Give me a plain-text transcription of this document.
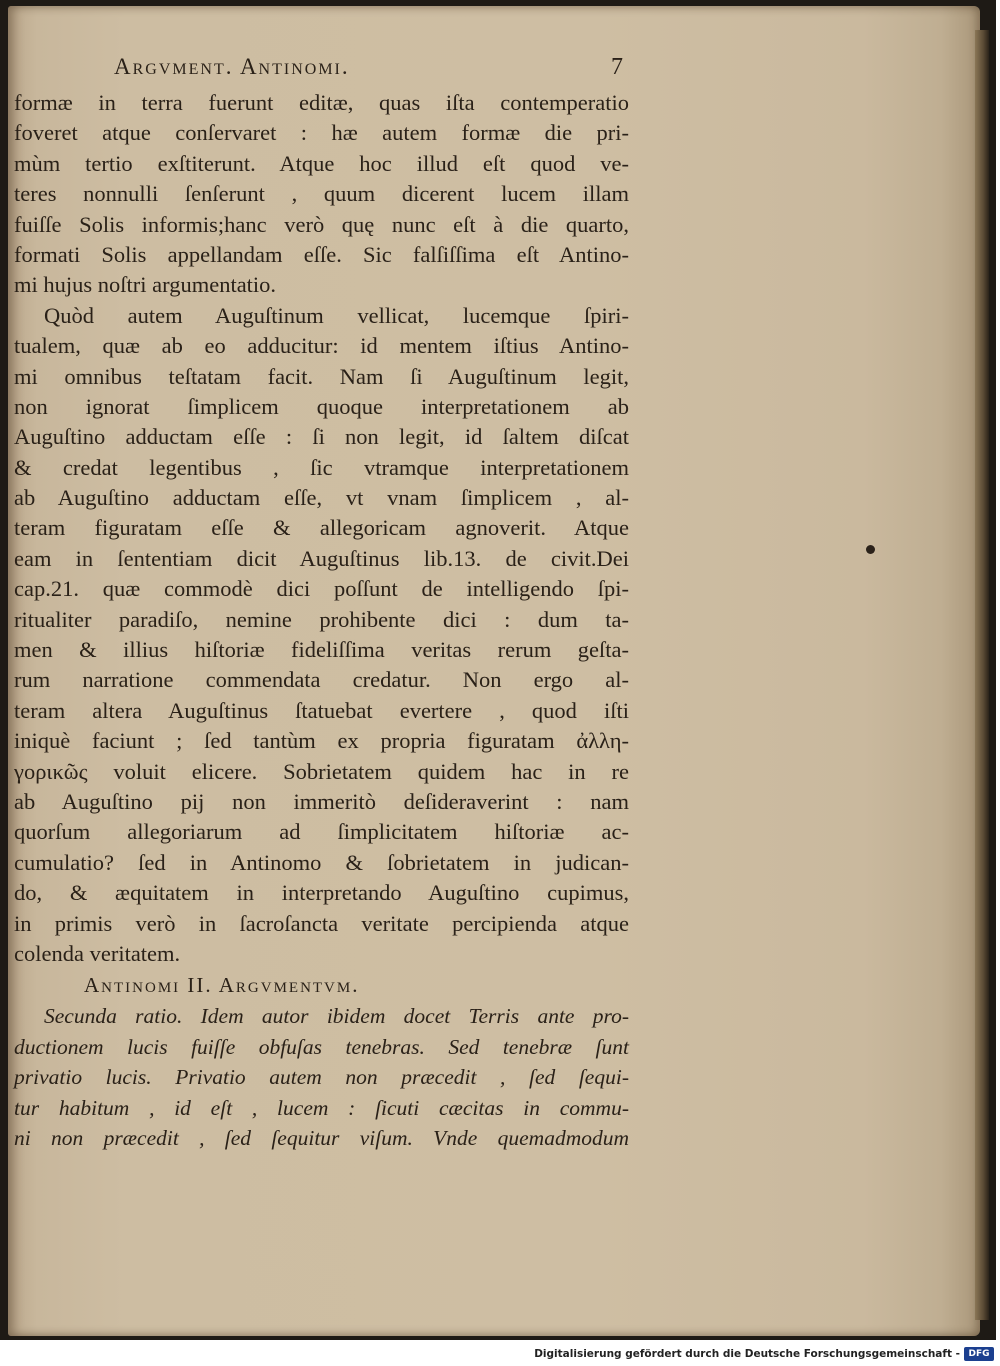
Argvment. Antinomi.	7
formæ in terra fuerunt editæ, quas iſta contemperatio
foveret atque conſervaret : hæ autem formæ die pri-
mùm tertio exſtiterunt. Atque hoc illud eſt quod ve-
teres nonnulli ſenſerunt , quum dicerent lucem illam
fuiſſe Solis informis;hanc verò quę nunc eſt à die quarto,
formati Solis appellandam eſſe. Sic falſiſſima eſt Antino-
mi hujus noſtri argumentatio.
Quòd autem Auguſtinum vellicat, lucemque ſpiri-
tualem, quæ ab eo adducitur: id mentem iſtius Antino-
mi omnibus teſtatam facit. Nam ſi Auguſtinum legit,
non ignorat ſimplicem quoque interpretationem ab
Auguſtino adductam eſſe : ſi non legit, id ſaltem diſcat
& credat legentibus , ſic vtramque interpretationem
ab Auguſtino adductam eſſe, vt vnam ſimplicem , al-
teram figuratam eſſe & allegoricam agnoverit. Atque
eam in ſententiam dicit Auguſtinus lib.13. de civit.Dei
cap.21. quæ commodè dici poſſunt de intelligendo ſpi-
ritualiter paradiſo, nemine prohibente dici : dum ta-
men & illius hiſtoriæ fideliſſima veritas rerum geſta-
rum narratione commendata credatur. Non ergo al-
teram altera Auguſtinus ſtatuebat evertere , quod iſti
iniquè faciunt ; ſed tantùm ex propria figuratam ἀλλη-
γορικῶς voluit elicere. Sobrietatem quidem hac in re
ab Auguſtino pij non immeritò deſideraverint : nam
quorſum allegoriarum ad ſimplicitatem hiſtoriæ ac-
cumulatio? ſed in Antinomo & ſobrietatem in judican-
do, & æquitatem in interpretando Auguſtino cupimus,
in primis verò in ſacroſancta veritate percipienda atque
colenda veritatem.
Antinomi II. Argvmentvm.
Secunda ratio. Idem autor ibidem docet Terris ante pro-
ductionem lucis fuiſſe obfuſas tenebras. Sed tenebræ ſunt
privatio lucis. Privatio autem non præcedit , ſed ſequi-
tur habitum , id eſt , lucem : ſicuti cæcitas in commu-
ni non præcedit , ſed ſequitur viſum. Vnde quemadmodum
Digitalisierung gefördert durch die Deutsche Forschungsgemeinschaft - DFG
